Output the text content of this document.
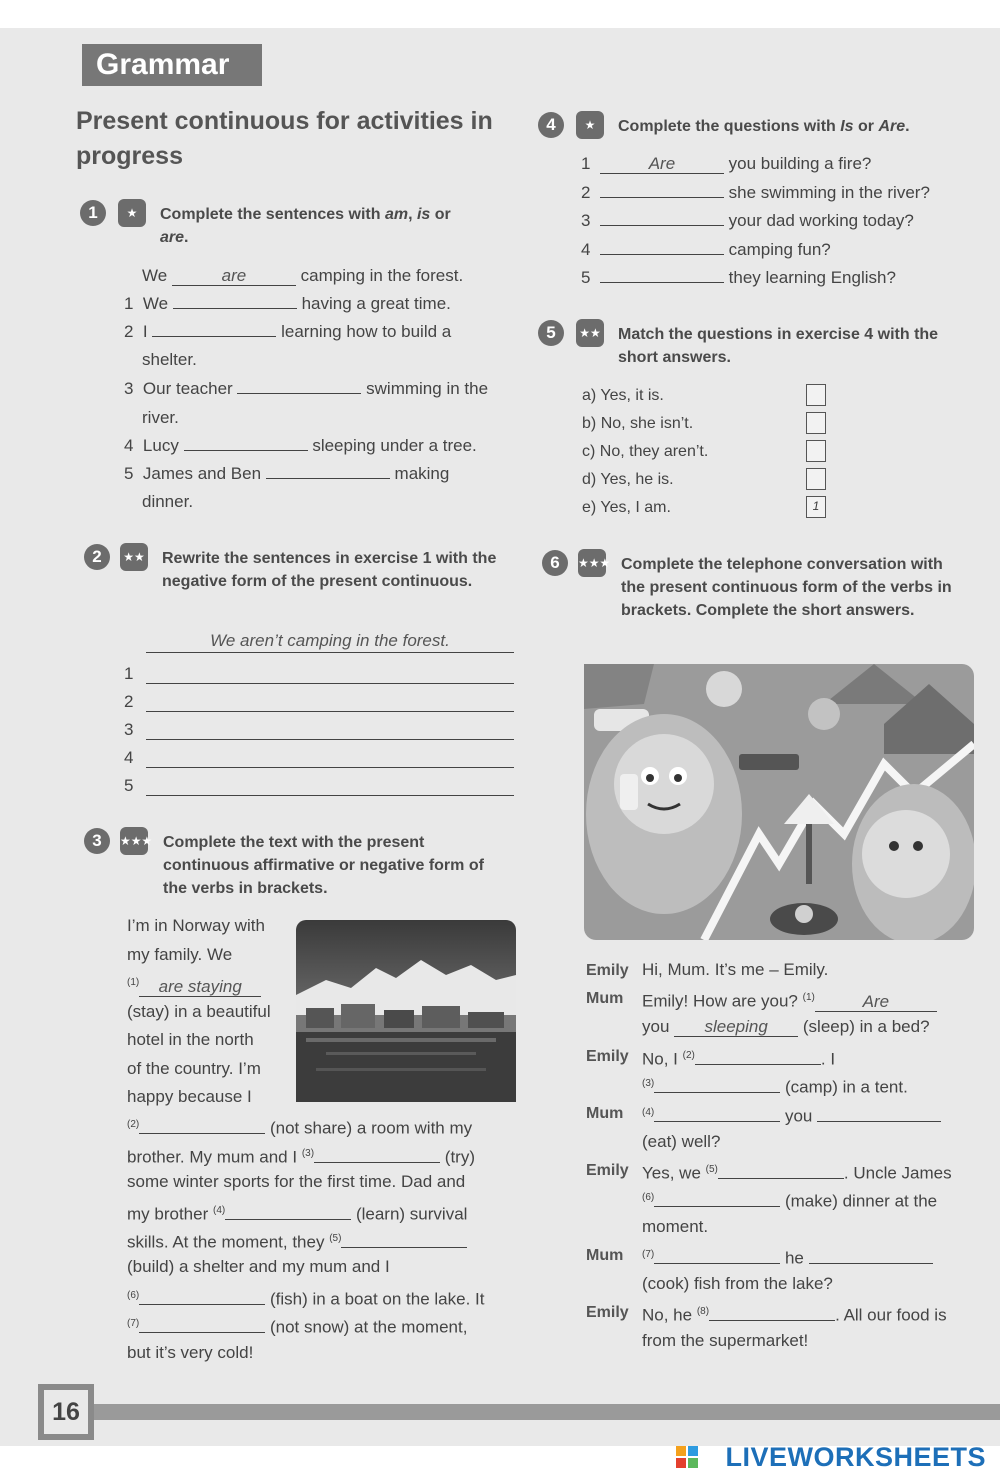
Grammar
Present continuous for activities in progress
1	★	Complete the sentences with am, is or
are.
We	are	camping in the forest.
1 We	having a great time.
2 I	learning how to build a
shelter.
3 Our teacher	swimming in the
river.
4 Lucy	sleeping under a tree.
5 James and Ben	making
dinner.
2	★★ Rewrite the sentences in exercise 1 with the negative form of the present continuous.
We aren’t camping in the forest.
1
2
3
4
5
3	★★★ Complete the text with the present continuous affirmative or negative form of the verbs in brackets.
I’m in Norway with
my family. We
$^{(1)}$ are staying
(stay) in a beautiful
hotel in the north
of the country. I’m
happy because I
$^{(2)}$	(not share) a room with my
brother. My mum and I $^{(3)}$	(try)
some winter sports for the first time. Dad and
my brother $^{(4)}$	(learn) survival
skills. At the moment, they $^{(5)}$
(build) a shelter and my mum and I
$^{(6)}$	(fish) in a boat on the lake. It
$^{(7)}$	(not snow) at the moment,
but it’s very cold!
4	★	Complete the questions with Is or Are.
1	Are	you building a fire?
2	she swimming in the river?
3	your dad working today?
4	camping fun?
5	they learning English?
5	★★ Match the questions in exercise 4 with the short answers.
a) Yes, it is.
b) No, she isn’t.
c) No, they aren’t.
d) Yes, he is.
e) Yes, I am.	1
6	★★★ Complete the telephone conversation with the present continuous form of the verbs in brackets. Complete the short answers.
Emily Hi, Mum. It’s me – Emily.
Mum Emily! How are you? $^{(1)}$	Are
you sleeping (sleep) in a bed?
Emily No, I $^{(2)}$	. I
$^{(3)}$	(camp) in a tent.
Mum $^{(4)}$	you
(eat) well?
Emily Yes, we $^{(5)}$	. Uncle James
$^{(6)}$	(make) dinner at the
moment.
Mum $^{(7)}$	he
(cook) fish from the lake?
Emily No, he $^{(8)}$	. All our food is
from the supermarket!
16
LIVEWORKSHEETS
